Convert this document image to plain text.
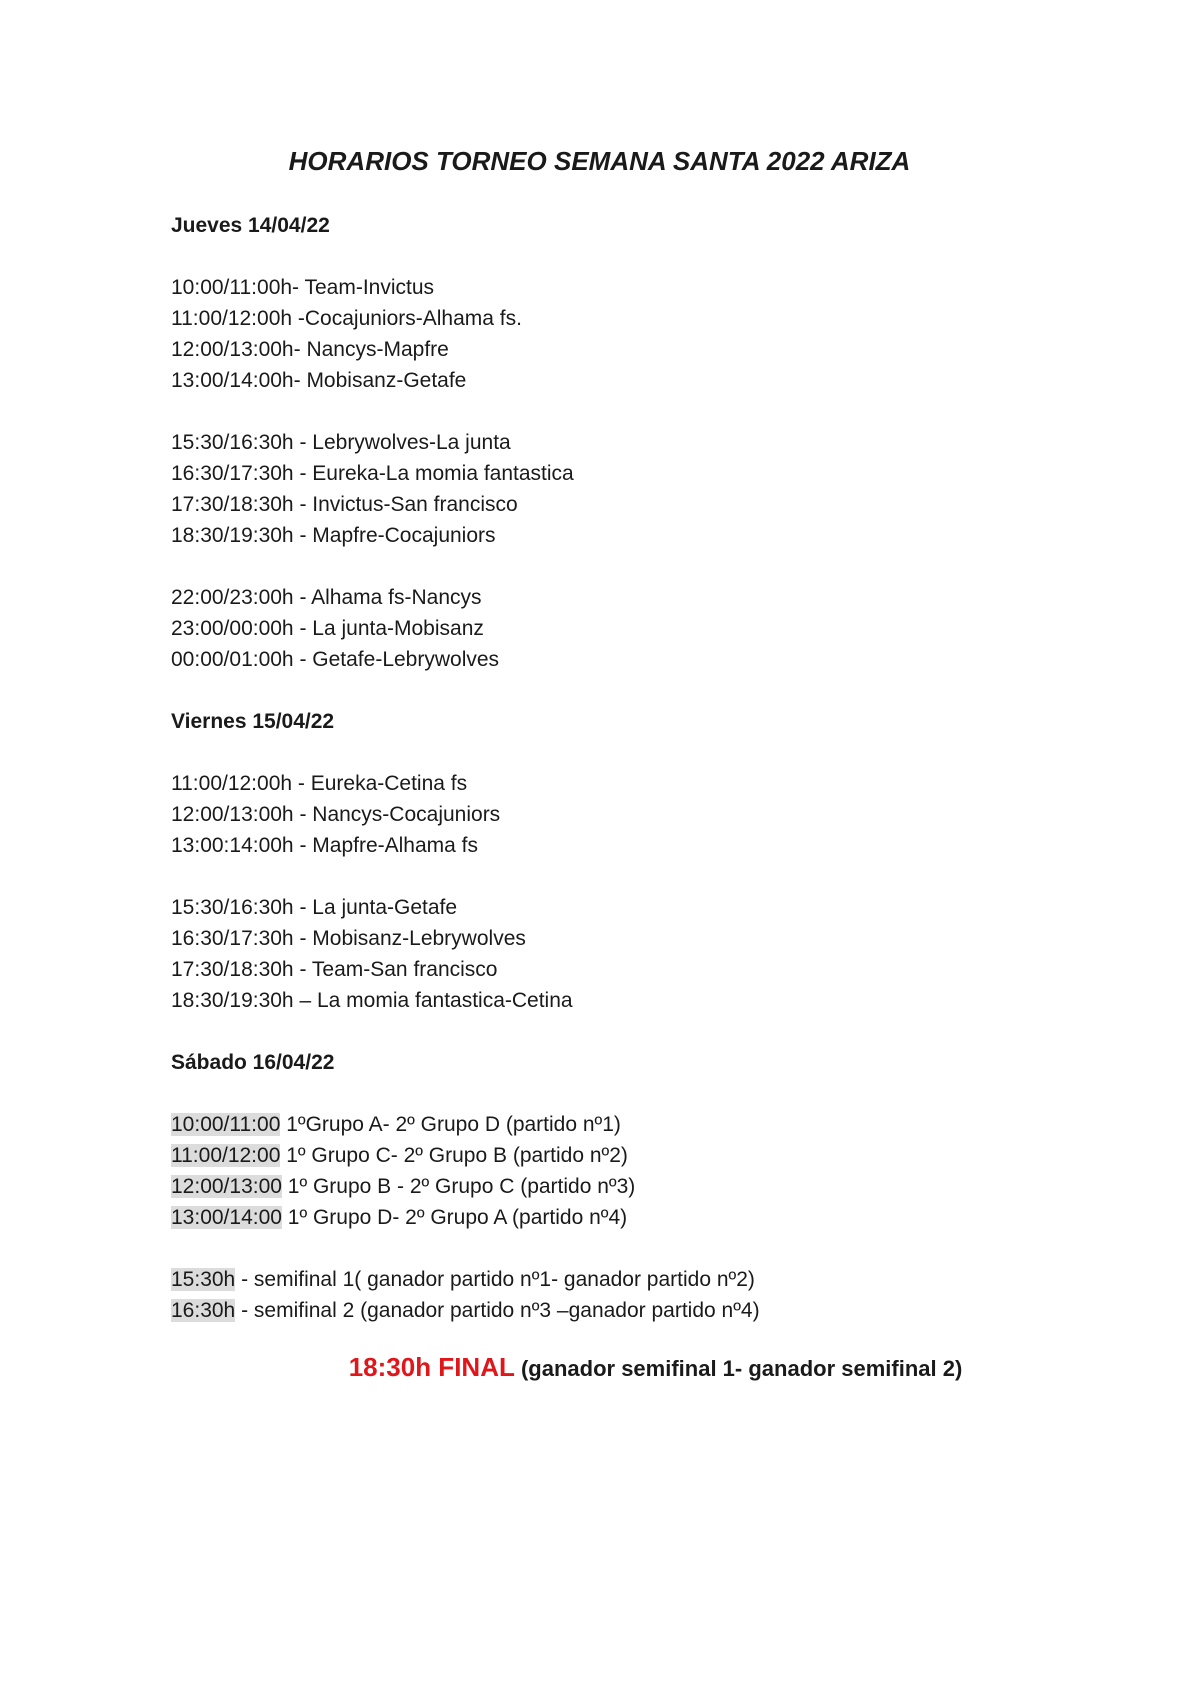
HORARIOS TORNEO SEMANA SANTA 2022 ARIZA
Jueves 14/04/22
10:00/11:00h- Team-Invictus
11:00/12:00h -Cocajuniors-Alhama fs.
12:00/13:00h- Nancys-Mapfre
13:00/14:00h- Mobisanz-Getafe
15:30/16:30h - Lebrywolves-La junta
16:30/17:30h - Eureka-La momia fantastica
17:30/18:30h - Invictus-San francisco
18:30/19:30h - Mapfre-Cocajuniors
22:00/23:00h - Alhama fs-Nancys
23:00/00:00h - La junta-Mobisanz
00:00/01:00h - Getafe-Lebrywolves
Viernes 15/04/22
11:00/12:00h - Eureka-Cetina fs
12:00/13:00h - Nancys-Cocajuniors
13:00:14:00h - Mapfre-Alhama fs
15:30/16:30h - La junta-Getafe
16:30/17:30h - Mobisanz-Lebrywolves
17:30/18:30h - Team-San francisco
18:30/19:30h – La momia fantastica-Cetina
Sábado 16/04/22
10:00/11:00 1ºGrupo A- 2º Grupo D (partido nº1)
11:00/12:00 1º Grupo C- 2º Grupo B (partido nº2)
12:00/13:00 1º Grupo B - 2º Grupo C (partido nº3)
13:00/14:00 1º Grupo D- 2º Grupo A (partido nº4)
15:30h - semifinal 1( ganador partido nº1- ganador partido nº2)
16:30h - semifinal 2 (ganador partido nº3 –ganador partido nº4)
18:30h FINAL (ganador semifinal 1- ganador semifinal 2)
